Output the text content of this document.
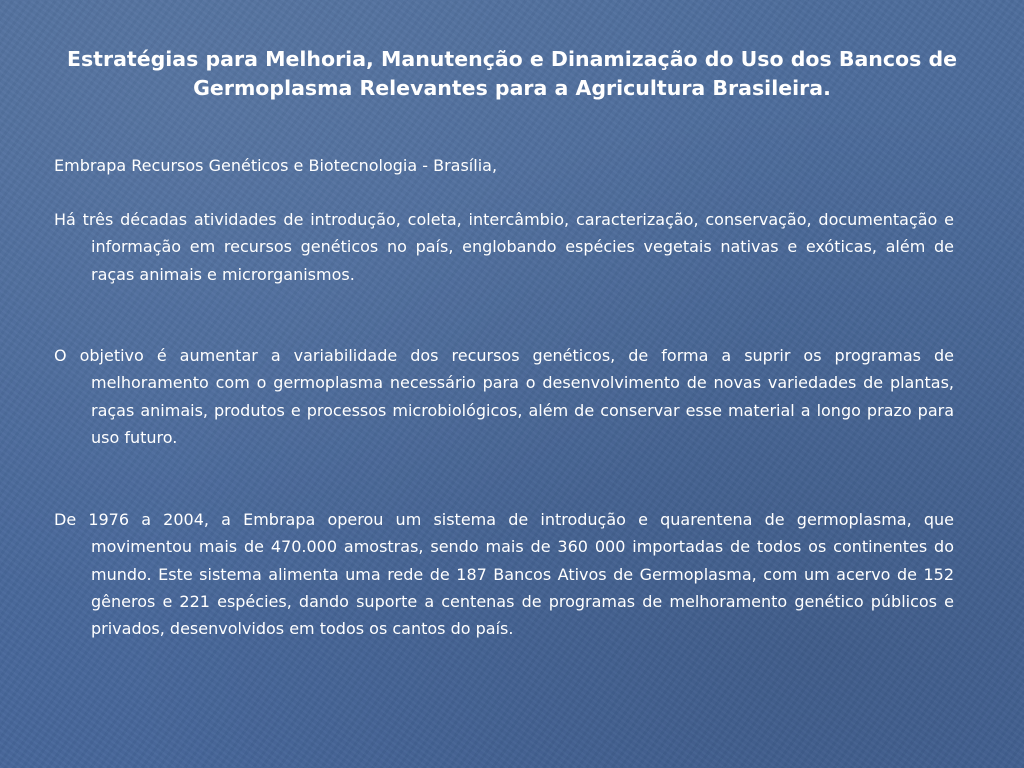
Estratégias para Melhoria, Manutenção e Dinamização do Uso dos Bancos de Germoplasma Relevantes para a Agricultura Brasileira.

Embrapa Recursos Genéticos e Biotecnologia - Brasília,

Há três décadas atividades de introdução, coleta, intercâmbio, caracterização, conservação, documentação e informação em recursos genéticos no país, englobando espécies vegetais nativas e exóticas, além de raças animais e microrganismos.

O objetivo é aumentar a variabilidade dos recursos genéticos, de forma a suprir os programas de melhoramento com o germoplasma necessário para o desenvolvimento de novas variedades de plantas, raças animais, produtos e processos microbiológicos, além de conservar esse material a longo prazo para uso futuro.

De 1976 a 2004, a Embrapa operou um sistema de introdução e quarentena de germoplasma, que movimentou mais de 470.000 amostras, sendo mais de 360 000 importadas de todos os continentes do mundo. Este sistema alimenta uma rede de 187 Bancos Ativos de Germoplasma, com um acervo de 152 gêneros e 221 espécies, dando suporte a centenas de programas de melhoramento genético públicos e privados, desenvolvidos em todos os cantos do país.
